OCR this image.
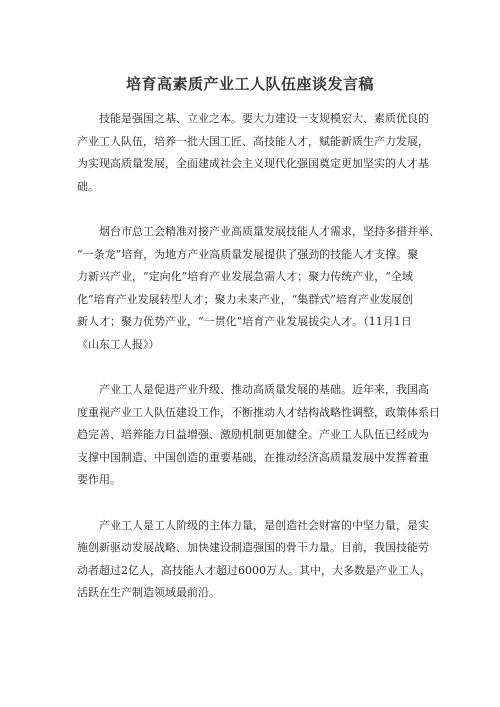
培育高素质产业工人队伍座谈发言稿

技能是强国之基、立业之本。要大力建设一支规模宏大、素质优良的
产业工人队伍，培养一批大国工匠、高技能人才，赋能新质生产力发展，
为实现高质量发展，全面建成社会主义现代化强国奠定更加坚实的人才基
础。

烟台市总工会精准对接产业高质量发展技能人才需求，坚持多措并举、
“一条龙”培育，为地方产业高质量发展提供了强劲的技能人才支撑。聚
力新兴产业，“定向化”培育产业发展急需人才；聚力传统产业，“全域
化”培育产业发展转型人才；聚力未来产业，“集群式”培育产业发展创
新人才；聚力优势产业，“一贯化”培育产业发展拔尖人才。（11月1日
《山东工人报》）

产业工人是促进产业升级、推动高质量发展的基础。近年来，我国高
度重视产业工人队伍建设工作，不断推动人才结构战略性调整，政策体系日
趋完善、培养能力日益增强、激励机制更加健全。产业工人队伍已经成为
支撑中国制造、中国创造的重要基础，在推动经济高质量发展中发挥着重
要作用。

产业工人是工人阶级的主体力量，是创造社会财富的中坚力量，是实
施创新驱动发展战略、加快建设制造强国的骨干力量。目前，我国技能劳
动者超过2亿人，高技能人才超过6000万人。其中，大多数是产业工人，
活跃在生产制造领域最前沿。
